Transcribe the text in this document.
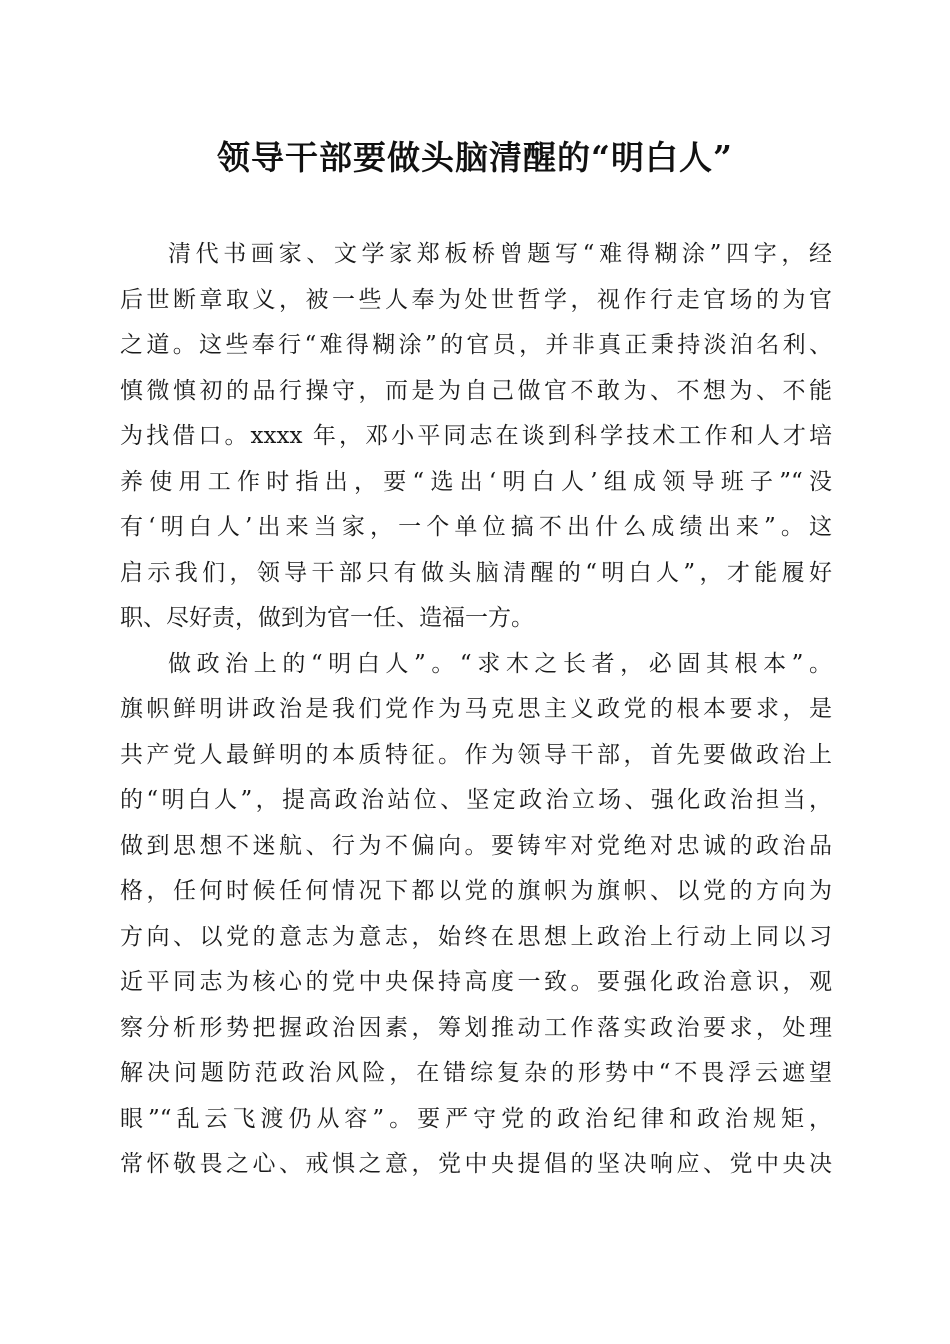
领导干部要做头脑清醒的“明白人”
清代书画家、文学家郑板桥曾题写“难得糊涂”四字，经
后世断章取义，被一些人奉为处世哲学，视作行走官场的为官
之道。这些奉行“难得糊涂”的官员，并非真正秉持淡泊名利、
慎微慎初的品行操守，而是为自己做官不敢为、不想为、不能
为找借口。xxxx 年，邓小平同志在谈到科学技术工作和人才培
养使用工作时指出，要“选出‘明白人’组成领导班子”“没
有‘明白人’出来当家，一个单位搞不出什么成绩出来”。这
启示我们，领导干部只有做头脑清醒的“明白人”，才能履好
职、尽好责，做到为官一任、造福一方。
做政治上的“明白人”。“求木之长者，必固其根本”。
旗帜鲜明讲政治是我们党作为马克思主义政党的根本要求，是
共产党人最鲜明的本质特征。作为领导干部，首先要做政治上
的“明白人”，提高政治站位、坚定政治立场、强化政治担当，
做到思想不迷航、行为不偏向。要铸牢对党绝对忠诚的政治品
格，任何时候任何情况下都以党的旗帜为旗帜、以党的方向为
方向、以党的意志为意志，始终在思想上政治上行动上同以习
近平同志为核心的党中央保持高度一致。要强化政治意识，观
察分析形势把握政治因素，筹划推动工作落实政治要求，处理
解决问题防范政治风险，在错综复杂的形势中“不畏浮云遮望
眼”“乱云飞渡仍从容”。要严守党的政治纪律和政治规矩，
常怀敬畏之心、戒惧之意，党中央提倡的坚决响应、党中央决
